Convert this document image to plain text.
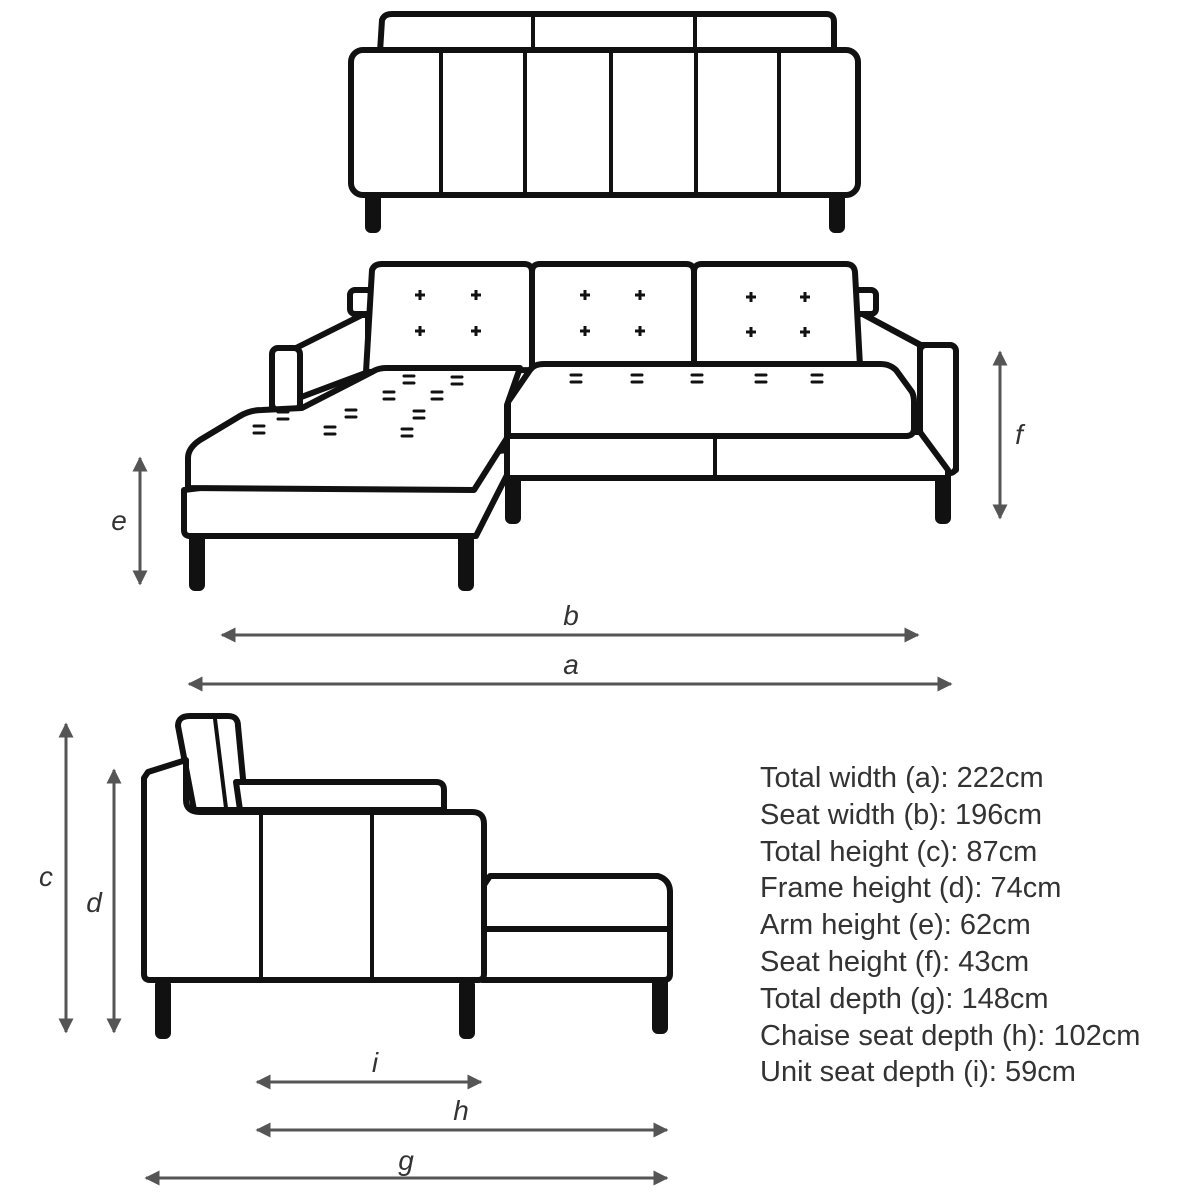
b
a
e
f
c
d
i
h
g
Total width (a): 222cm
Seat width (b): 196cm
Total height (c): 87cm
Frame height (d): 74cm
Arm height (e): 62cm
Seat height (f): 43cm
Total depth (g): 148cm
Chaise seat depth (h): 102cm
Unit seat depth (i): 59cm
